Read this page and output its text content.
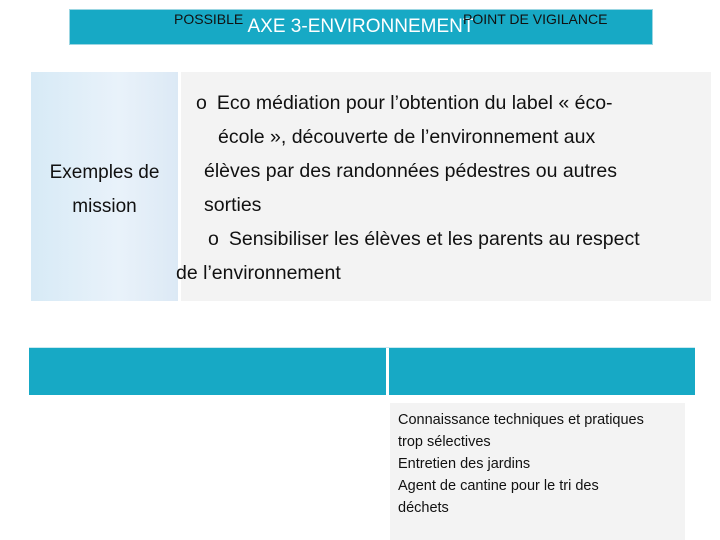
AXE 3-ENVIRONNEMENT
Exemples de
mission
o Eco médiation pour l’obtention du label « éco-
école », découverte de l’environnement aux
élèves par des randonnées pédestres ou autres
sorties
o Sensibiliser les élèves et les parents au respect
de l’environnement
POSSIBLE	POINT DE VIGILANCE
Connaissance techniques et pratiques
trop sélectives
Entretien des jardins
Agent de cantine pour le tri des
déchets
